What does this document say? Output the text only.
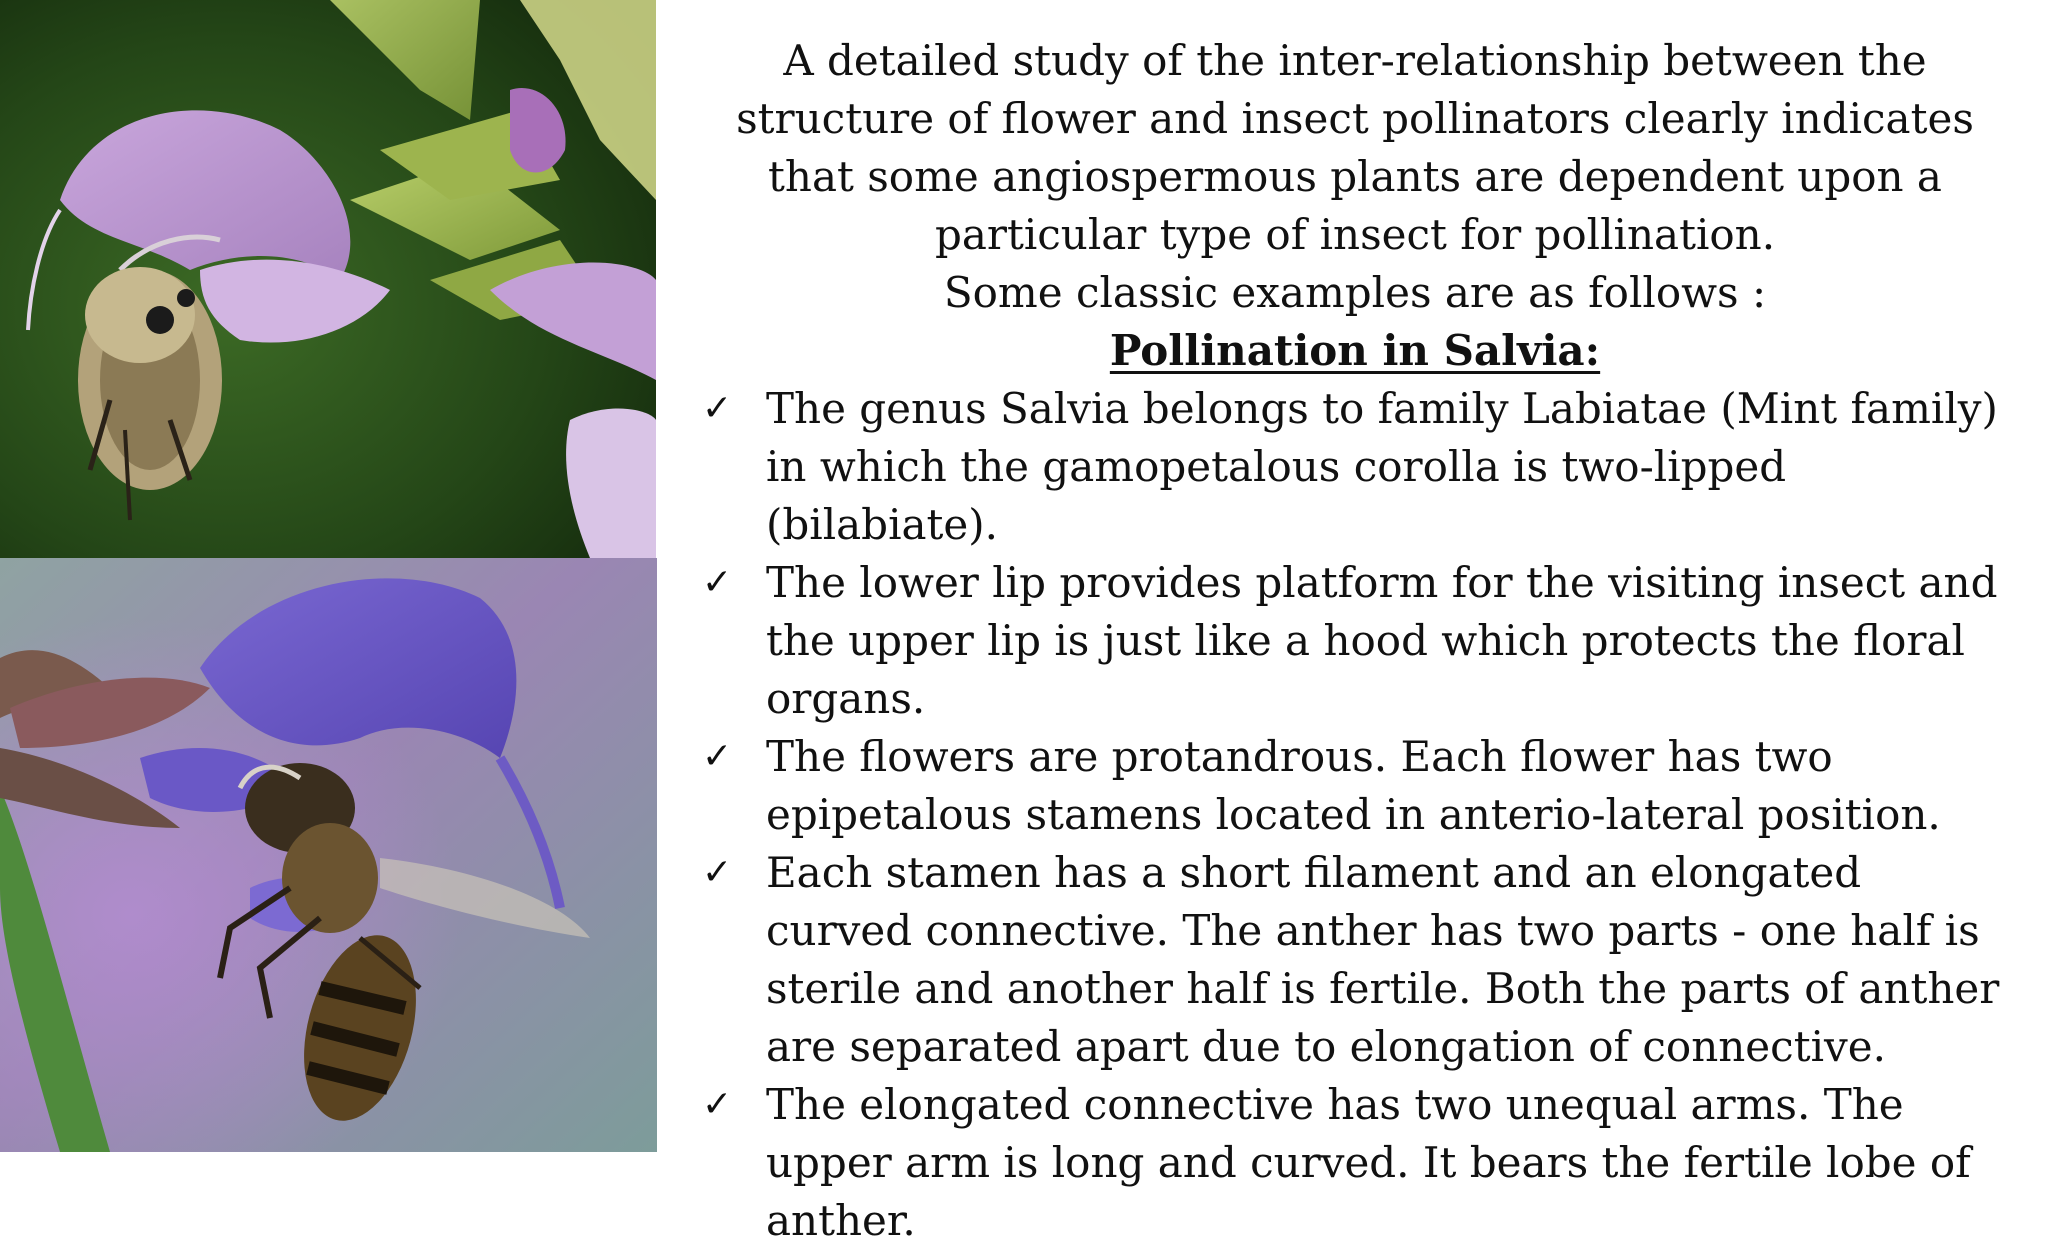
A detailed study of the inter-relationship between the structure of flower and insect pollinators clearly indicates that some angiospermous plants are dependent upon a particular type of insect for pollination.

Some classic examples are as follows :

Pollination in Salvia:

✓ The genus Salvia belongs to family Labiatae (Mint family) in which the gamopetalous corolla is two-lipped (bilabiate).
✓ The lower lip provides platform for the visiting insect and the upper lip is just like a hood which protects the floral organs.
✓ The flowers are protandrous. Each flower has two epipetalous stamens located in anterio-lateral position.
✓ Each stamen has a short filament and an elongated curved connective. The anther has two parts - one half is sterile and another half is fertile. Both the parts of anther are separated apart due to elongation of connective.
✓ The elongated connective has two unequal arms. The upper arm is long and curved. It bears the fertile lobe of anther.
